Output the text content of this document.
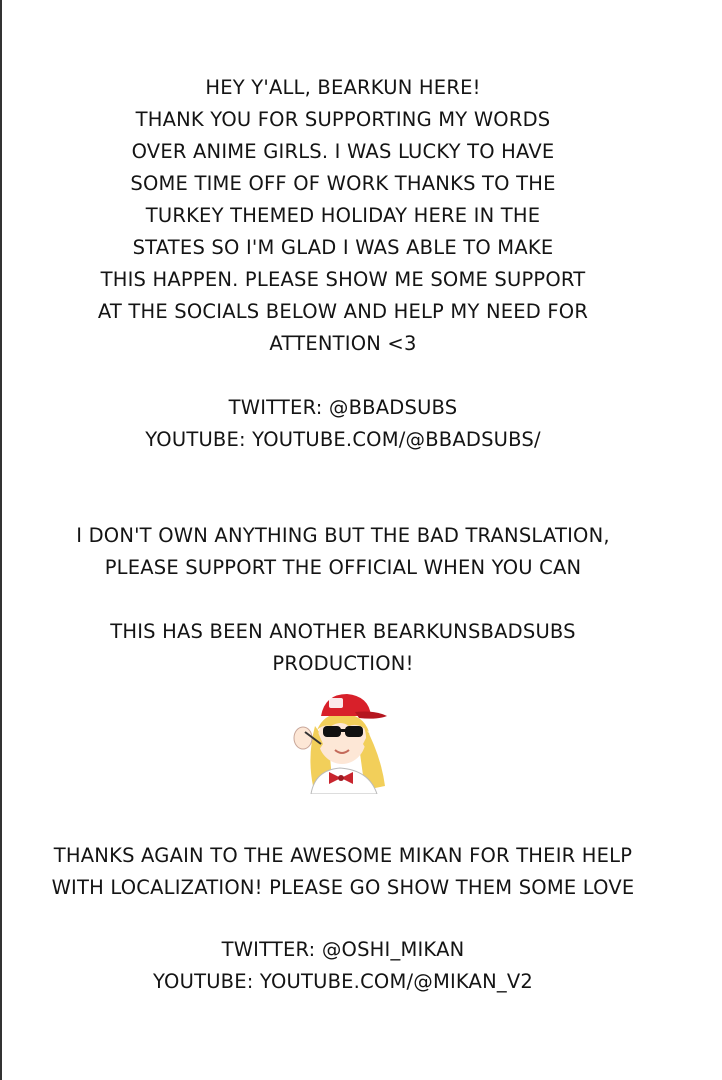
HEY Y'ALL, BEARKUN HERE!
THANK YOU FOR SUPPORTING MY WORDS
OVER ANIME GIRLS. I WAS LUCKY TO HAVE
SOME TIME OFF OF WORK THANKS TO THE
TURKEY THEMED HOLIDAY HERE IN THE
STATES SO I'M GLAD I WAS ABLE TO MAKE
THIS HAPPEN. PLEASE SHOW ME SOME SUPPORT
AT THE SOCIALS BELOW AND HELP MY NEED FOR
ATTENTION <3
TWITTER: @BBADSUBS
YOUTUBE: YOUTUBE.COM/@BBADSUBS/
I DON'T OWN ANYTHING BUT THE BAD TRANSLATION,
PLEASE SUPPORT THE OFFICIAL WHEN YOU CAN
THIS HAS BEEN ANOTHER BEARKUNSBADSUBS
PRODUCTION!
THANKS AGAIN TO THE AWESOME MIKAN FOR THEIR HELP
WITH LOCALIZATION! PLEASE GO SHOW THEM SOME LOVE
TWITTER: @OSHI_MIKAN
YOUTUBE: YOUTUBE.COM/@MIKAN_V2
